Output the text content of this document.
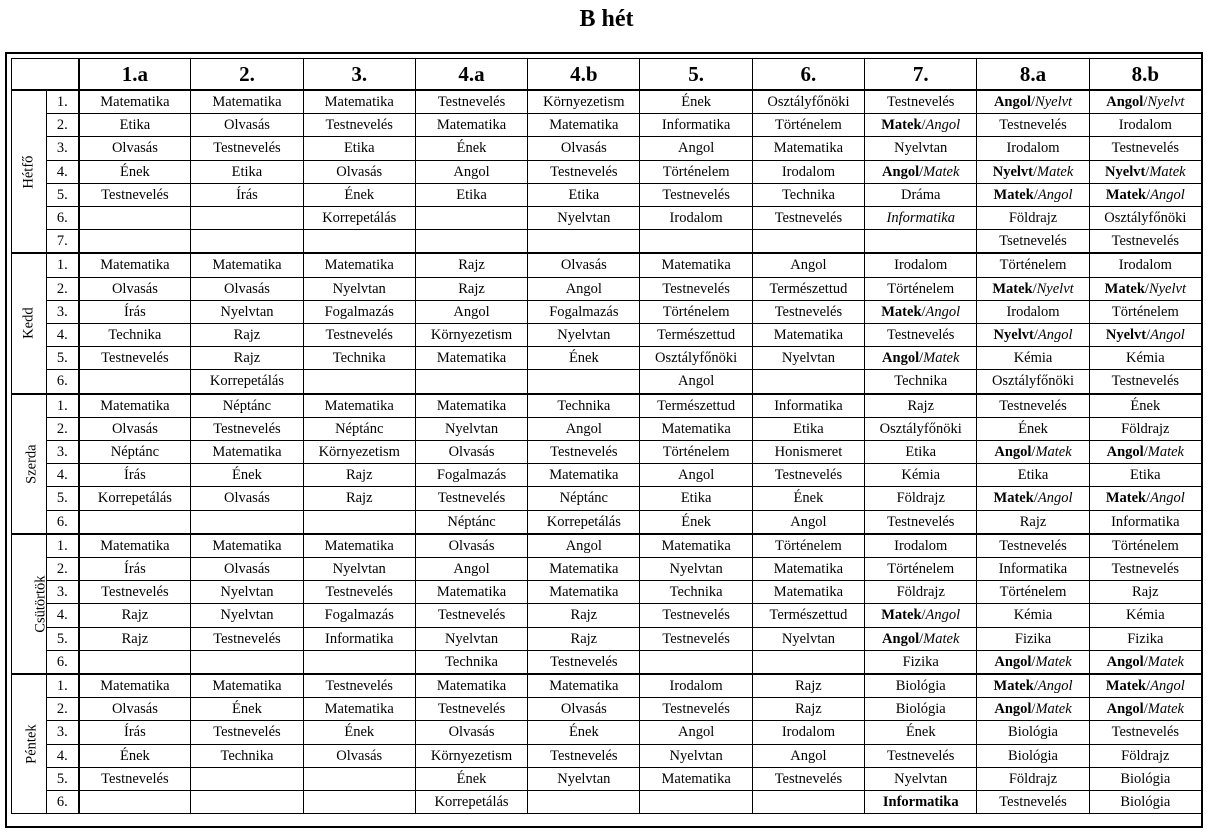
B hét
		1.a	2.	3.	4.a	4.b	5.	6.	7.	8.a	8.b
Hétfő	1.	Matematika	Matematika	Matematika	Testnevelés	Környezetism	Ének	Osztályfőnöki	Testnevelés	Angol/Nyelvt	Angol/Nyelvt
	2.	Etika	Olvasás	Testnevelés	Matematika	Matematika	Informatika	Történelem	Matek/Angol	Testnevelés	Irodalom
	3.	Olvasás	Testnevelés	Etika	Ének	Olvasás	Angol	Matematika	Nyelvtan	Irodalom	Testnevelés
	4.	Ének	Etika	Olvasás	Angol	Testnevelés	Történelem	Irodalom	Angol/Matek	Nyelvt/Matek	Nyelvt/Matek
	5.	Testnevelés	Írás	Ének	Etika	Etika	Testnevelés	Technika	Dráma	Matek/Angol	Matek/Angol
	6.			Korrepetálás		Nyelvtan	Irodalom	Testnevelés	Informatika	Földrajz	Osztályfőnöki
	7.									Tsetnevelés	Testnevelés
Kedd	1.	Matematika	Matematika	Matematika	Rajz	Olvasás	Matematika	Angol	Irodalom	Történelem	Irodalom
	2.	Olvasás	Olvasás	Nyelvtan	Rajz	Angol	Testnevelés	Természettud	Történelem	Matek/Nyelvt	Matek/Nyelvt
	3.	Írás	Nyelvtan	Fogalmazás	Angol	Fogalmazás	Történelem	Testnevelés	Matek/Angol	Irodalom	Történelem
	4.	Technika	Rajz	Testnevelés	Környezetism	Nyelvtan	Természettud	Matematika	Testnevelés	Nyelvt/Angol	Nyelvt/Angol
	5.	Testnevelés	Rajz	Technika	Matematika	Ének	Osztályfőnöki	Nyelvtan	Angol/Matek	Kémia	Kémia
	6.		Korrepetálás				Angol		Technika	Osztályfőnöki	Testnevelés
Szerda	1.	Matematika	Néptánc	Matematika	Matematika	Technika	Természettud	Informatika	Rajz	Testnevelés	Ének
	2.	Olvasás	Testnevelés	Néptánc	Nyelvtan	Angol	Matematika	Etika	Osztályfőnöki	Ének	Földrajz
	3.	Néptánc	Matematika	Környezetism	Olvasás	Testnevelés	Történelem	Honismeret	Etika	Angol/Matek	Angol/Matek
	4.	Írás	Ének	Rajz	Fogalmazás	Matematika	Angol	Testnevelés	Kémia	Etika	Etika
	5.	Korrepetálás	Olvasás	Rajz	Testnevelés	Néptánc	Etika	Ének	Földrajz	Matek/Angol	Matek/Angol
	6.				Néptánc	Korrepetálás	Ének	Angol	Testnevelés	Rajz	Informatika
Csütörtök	1.	Matematika	Matematika	Matematika	Olvasás	Angol	Matematika	Történelem	Irodalom	Testnevelés	Történelem
	2.	Írás	Olvasás	Nyelvtan	Angol	Matematika	Nyelvtan	Matematika	Történelem	Informatika	Testnevelés
	3.	Testnevelés	Nyelvtan	Testnevelés	Matematika	Matematika	Technika	Matematika	Földrajz	Történelem	Rajz
	4.	Rajz	Nyelvtan	Fogalmazás	Testnevelés	Rajz	Testnevelés	Természettud	Matek/Angol	Kémia	Kémia
	5.	Rajz	Testnevelés	Informatika	Nyelvtan	Rajz	Testnevelés	Nyelvtan	Angol/Matek	Fizika	Fizika
	6.				Technika	Testnevelés			Fizika	Angol/Matek	Angol/Matek
Péntek	1.	Matematika	Matematika	Testnevelés	Matematika	Matematika	Irodalom	Rajz	Biológia	Matek/Angol	Matek/Angol
	2.	Olvasás	Ének	Matematika	Testnevelés	Olvasás	Testnevelés	Rajz	Biológia	Angol/Matek	Angol/Matek
	3.	Írás	Testnevelés	Ének	Olvasás	Ének	Angol	Irodalom	Ének	Biológia	Testnevelés
	4.	Ének	Technika	Olvasás	Környezetism	Testnevelés	Nyelvtan	Angol	Testnevelés	Biológia	Földrajz
	5.	Testnevelés			Ének	Nyelvtan	Matematika	Testnevelés	Nyelvtan	Földrajz	Biológia
	6.				Korrepetálás				Informatika	Testnevelés	Biológia
